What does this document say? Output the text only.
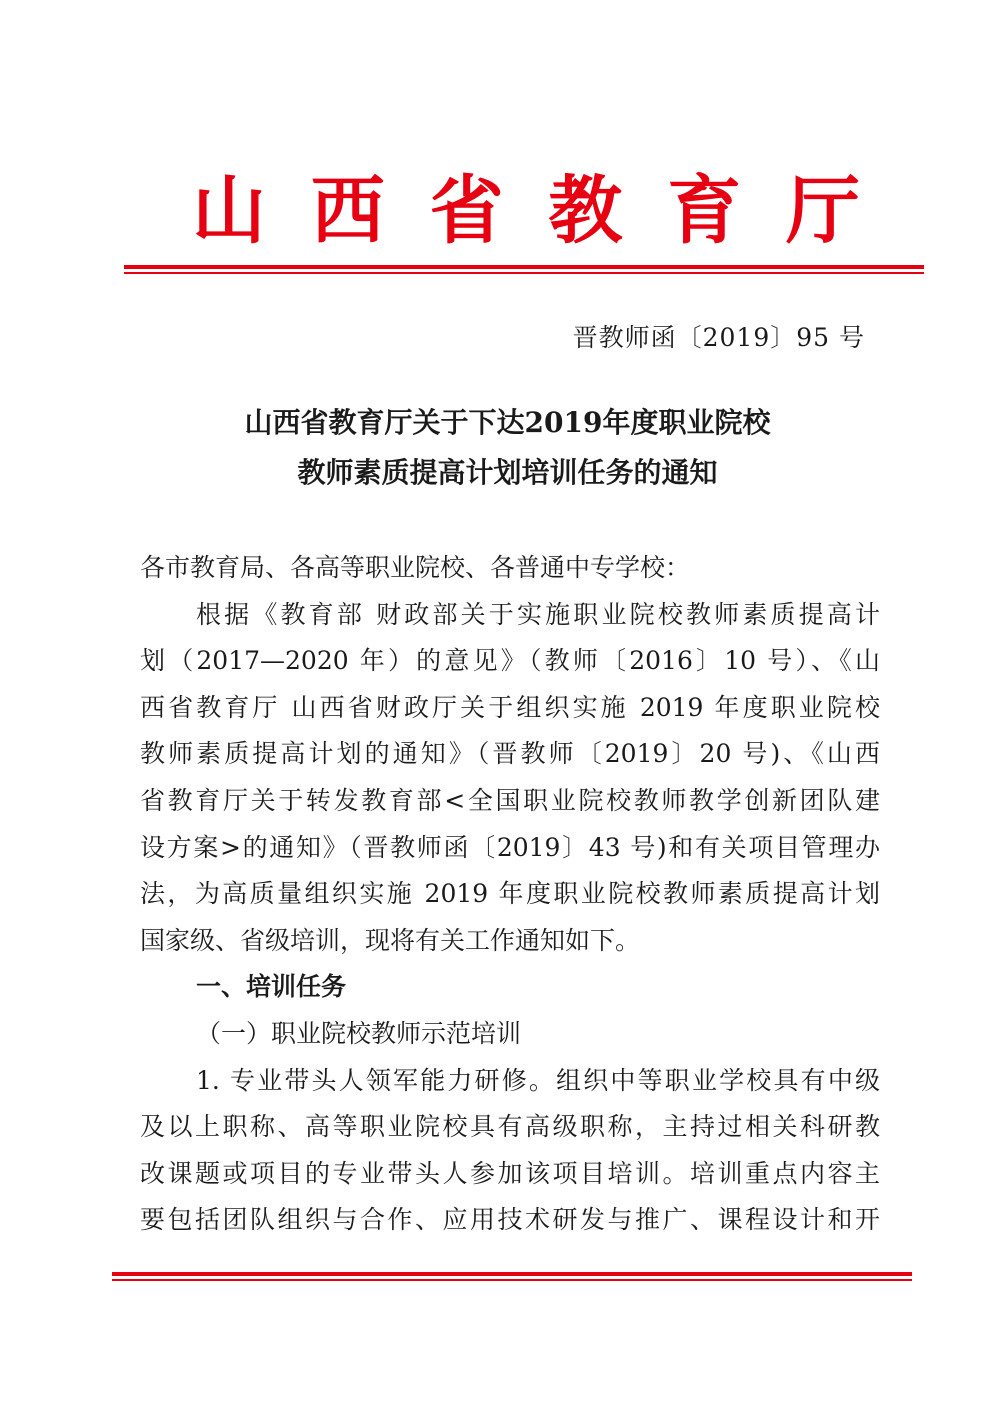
山 西 省 教 育 厅
晋教师函〔2019〕95 号
山西省教育厅关于下达2019年度职业院校
教师素质提高计划培训任务的通知
各市教育局、各高等职业院校、各普通中专学校：
根据《教育部 财政部关于实施职业院校教师素质提高计
划（2017—2020 年）的意见》（教师〔2016〕10 号）、《山
西省教育厅 山西省财政厅关于组织实施 2019 年度职业院校
教师素质提高计划的通知》（晋教师〔2019〕20 号)、《山西
省教育厅关于转发教育部<全国职业院校教师教学创新团队建
设方案>的通知》（晋教师函〔2019〕43 号)和有关项目管理办
法，为高质量组织实施 2019 年度职业院校教师素质提高计划
国家级、省级培训，现将有关工作通知如下。
一、培训任务
（一）职业院校教师示范培训
1. 专业带头人领军能力研修。组织中等职业学校具有中级
及以上职称、高等职业院校具有高级职称，主持过相关科研教
改课题或项目的专业带头人参加该项目培训。培训重点内容主
要包括团队组织与合作、应用技术研发与推广、课程设计和开
